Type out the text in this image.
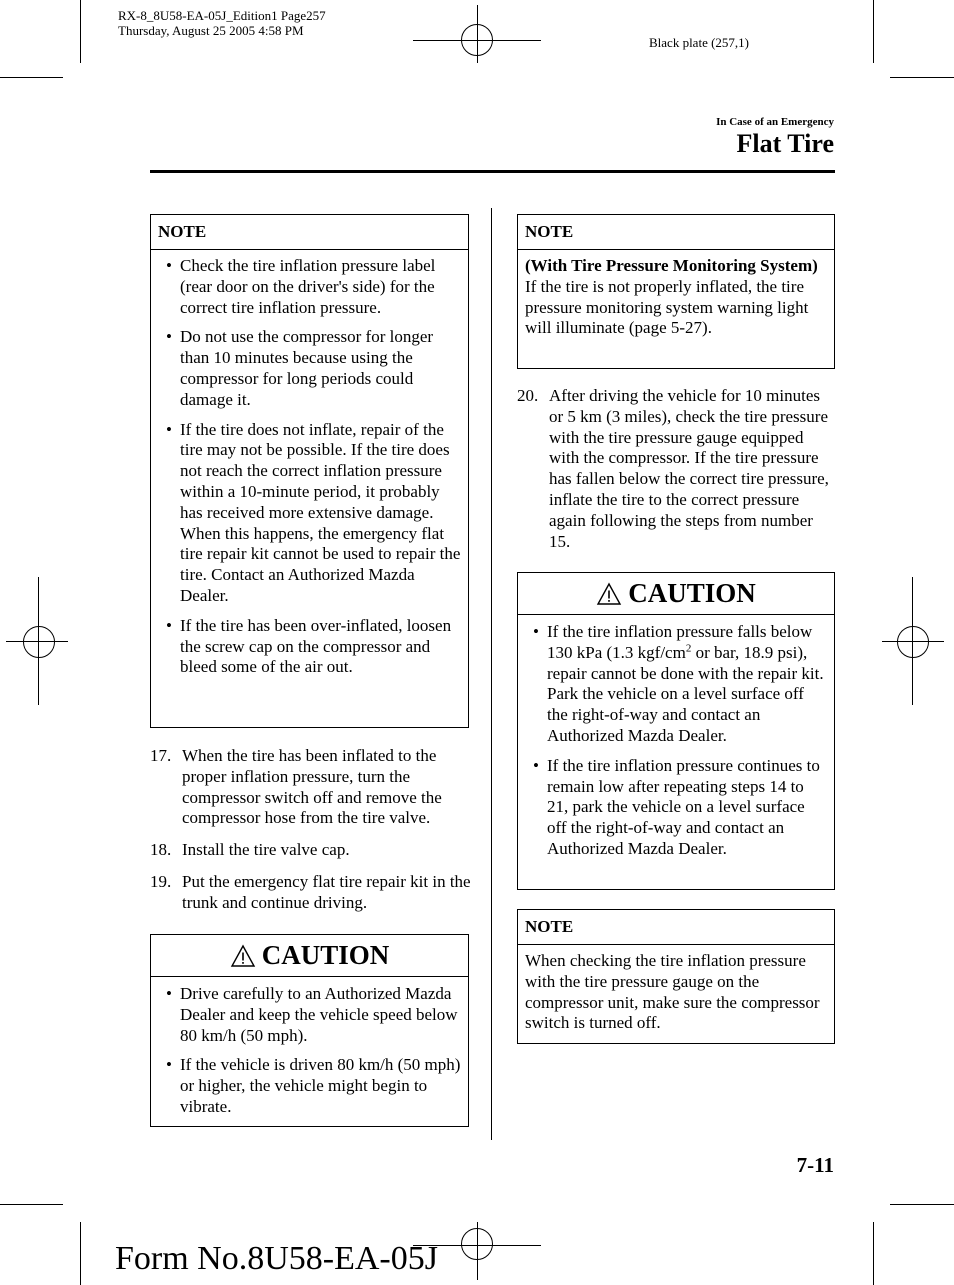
RX-8_8U58-EA-05J_Edition1 Page257
Thursday, August 25 2005 4:58 PM
Black plate (257,1)
In Case of an Emergency
Flat Tire
NOTE
• Check the tire inflation pressure label (rear door on the driver's side) for the correct tire inflation pressure.
• Do not use the compressor for longer than 10 minutes because using the compressor for long periods could damage it.
• If the tire does not inflate, repair of the tire may not be possible. If the tire does not reach the correct inflation pressure within a 10-minute period, it probably has received more extensive damage. When this happens, the emergency flat tire repair kit cannot be used to repair the tire. Contact an Authorized Mazda Dealer.
• If the tire has been over-inflated, loosen the screw cap on the compressor and bleed some of the air out.
17. When the tire has been inflated to the proper inflation pressure, turn the compressor switch off and remove the compressor hose from the tire valve.
18. Install the tire valve cap.
19. Put the emergency flat tire repair kit in the trunk and continue driving.
CAUTION
• Drive carefully to an Authorized Mazda Dealer and keep the vehicle speed below 80 km/h (50 mph).
• If the vehicle is driven 80 km/h (50 mph) or higher, the vehicle might begin to vibrate.
NOTE
(With Tire Pressure Monitoring System)
If the tire is not properly inflated, the tire pressure monitoring system warning light will illuminate (page 5-27).
20. After driving the vehicle for 10 minutes or 5 km (3 miles), check the tire pressure with the tire pressure gauge equipped with the compressor. If the tire pressure has fallen below the correct tire pressure, inflate the tire to the correct pressure again following the steps from number 15.
CAUTION
• If the tire inflation pressure falls below 130 kPa (1.3 kgf/$cm^2$ or bar, 18.9 psi), repair cannot be done with the repair kit. Park the vehicle on a level surface off the right-of-way and contact an Authorized Mazda Dealer.
• If the tire inflation pressure continues to remain low after repeating steps 14 to 21, park the vehicle on a level surface off the right-of-way and contact an Authorized Mazda Dealer.
NOTE
When checking the tire inflation pressure with the tire pressure gauge on the compressor unit, make sure the compressor switch is turned off.
7-11
Form No.8U58-EA-05J
